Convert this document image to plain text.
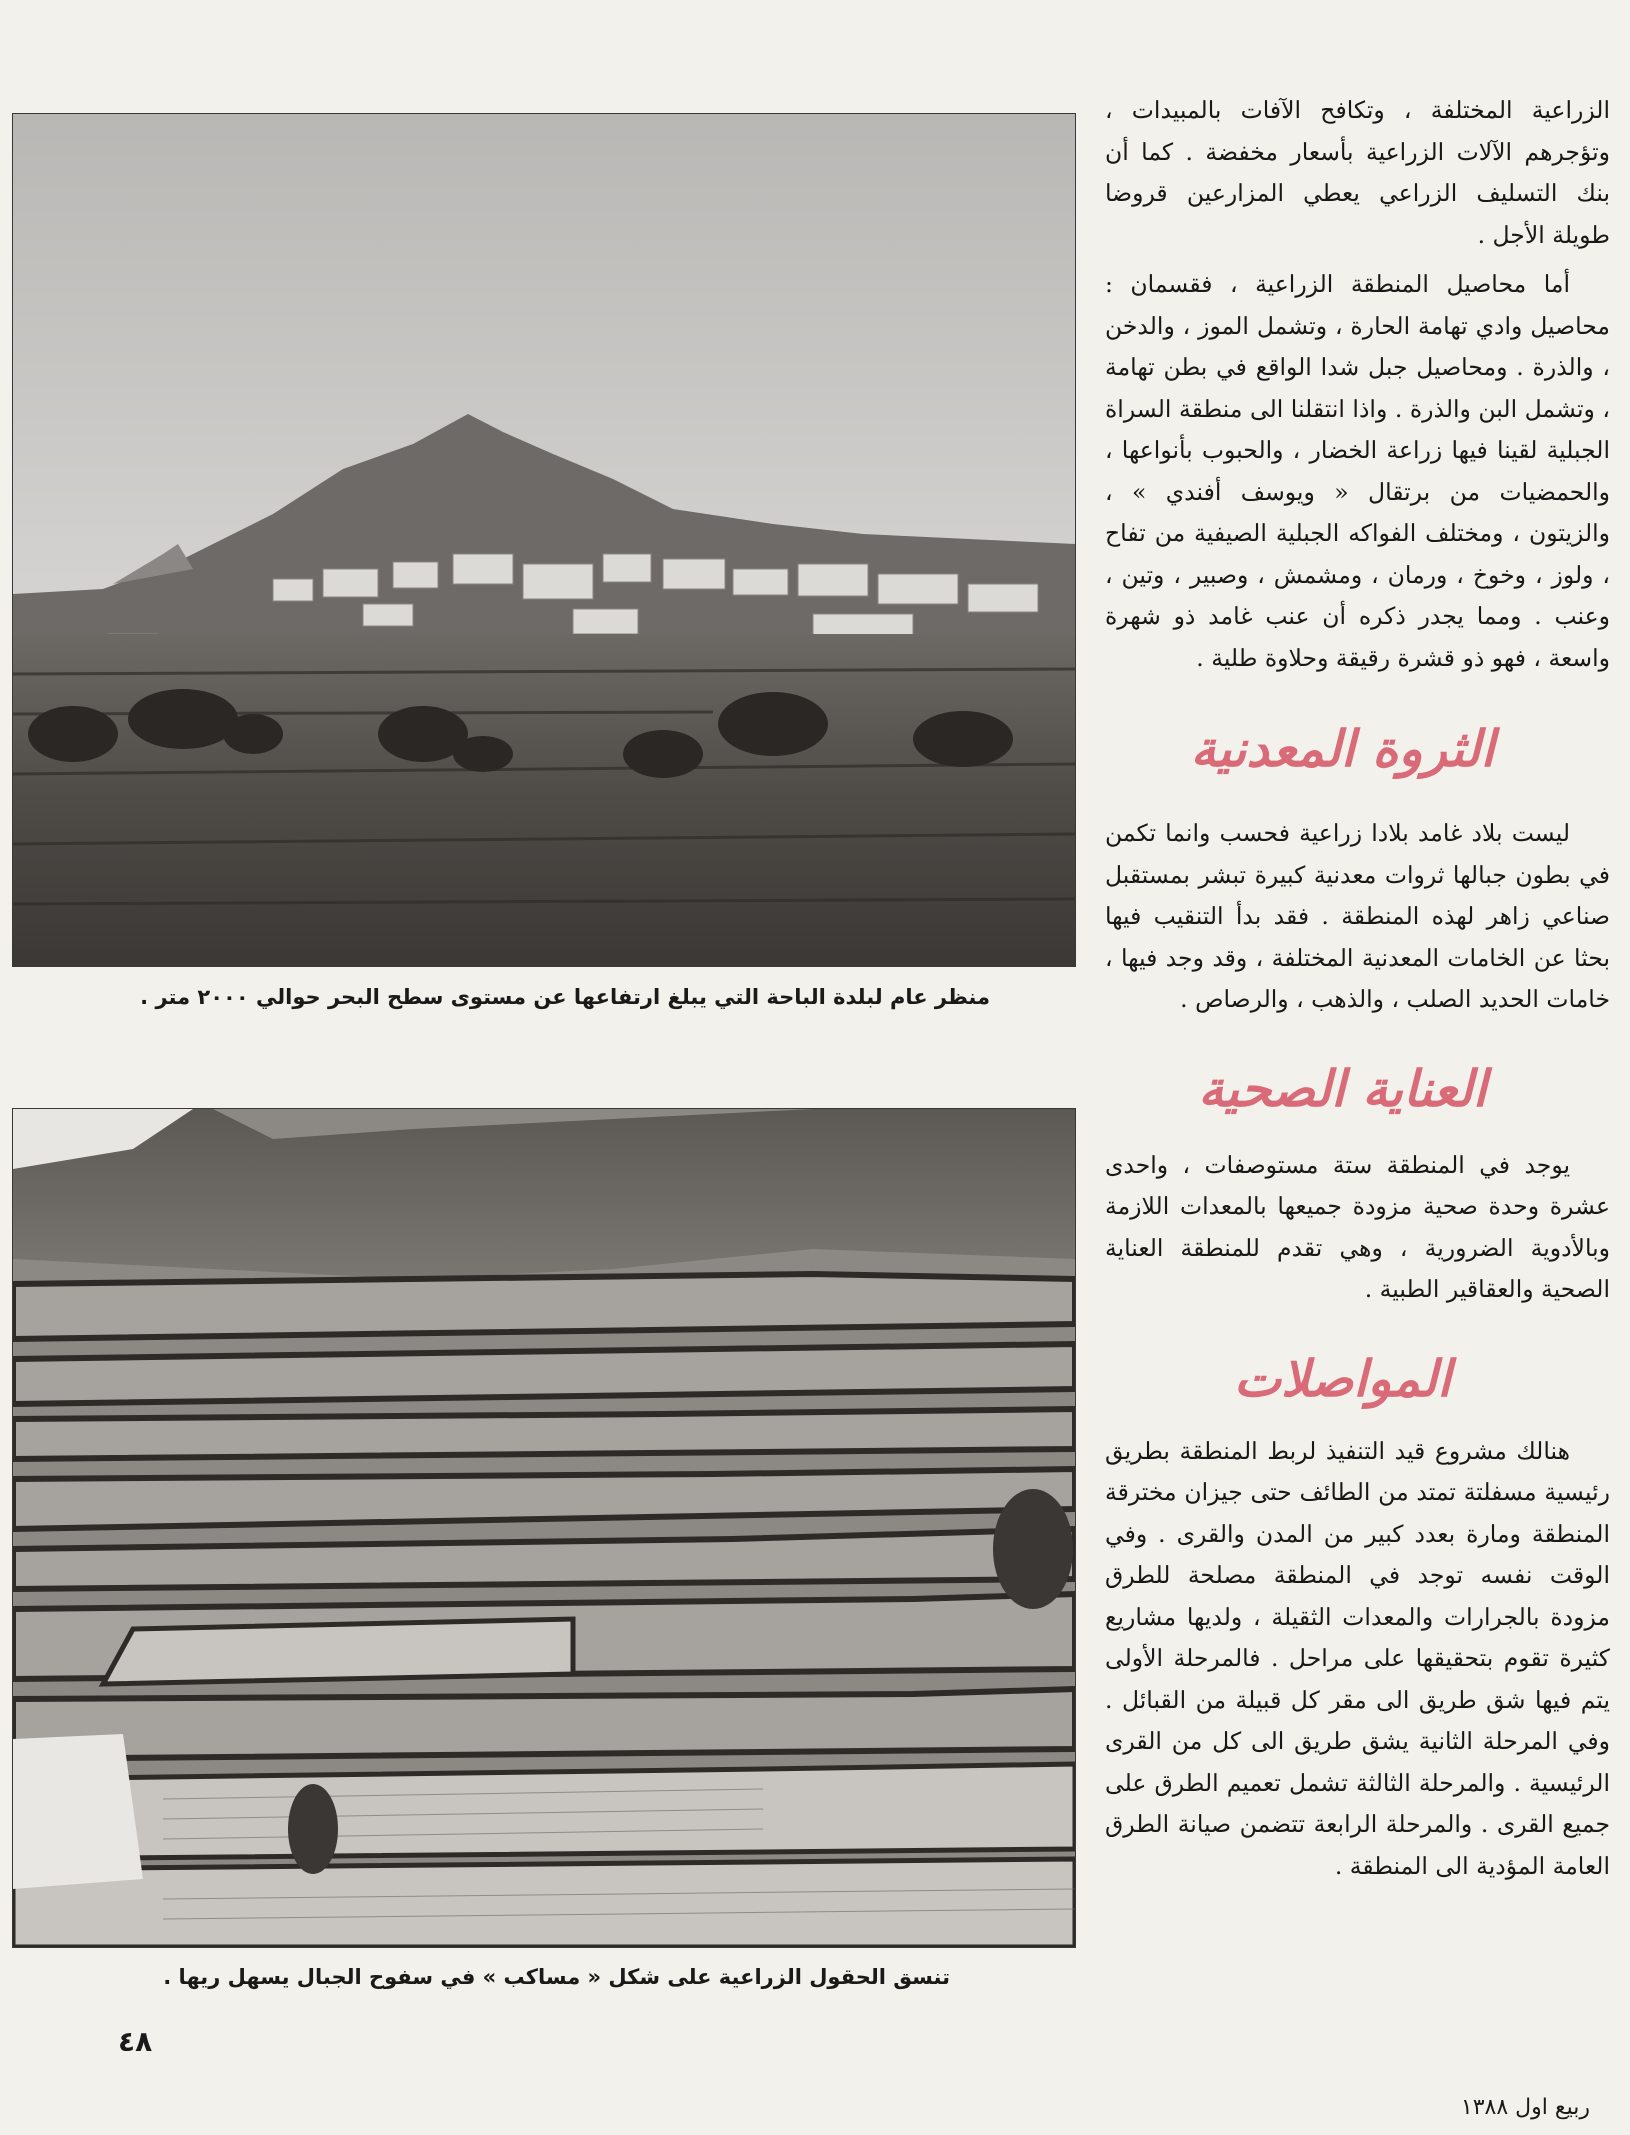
منظر عام لبلدة الباحة التي يبلغ ارتفاعها عن مستوى سطح البحر حوالي ٢٠٠٠ متر .
تنسق الحقول الزراعية على شكل « مساكب » في سفوح الجبال يسهل ريها .

الزراعية المختلفة ، وتكافح الآفات بالمبيدات ، وتؤجرهم الآلات الزراعية بأسعار مخفضة . كما أن بنك التسليف الزراعي يعطي المزارعين قروضا طويلة الأجل .

أما محاصيل المنطقة الزراعية ، فقسمان : محاصيل وادي تهامة الحارة ، وتشمل الموز ، والدخن ، والذرة . ومحاصيل جبل شدا الواقع في بطن تهامة ، وتشمل البن والذرة . واذا انتقلنا الى منطقة السراة الجبلية لقينا فيها زراعة الخضار ، والحبوب بأنواعها ، والحمضيات من برتقال « ويوسف أفندي » ، والزيتون ، ومختلف الفواكه الجبلية الصيفية من تفاح ، ولوز ، وخوخ ، ورمان ، ومشمش ، وصبير ، وتين ، وعنب . ومما يجدر ذكره أن عنب غامد ذو شهرة واسعة ، فهو ذو قشرة رقيقة وحلاوة طلية .

الثروة المعدنية

ليست بلاد غامد بلادا زراعية فحسب وانما تكمن في بطون جبالها ثروات معدنية كبيرة تبشر بمستقبل صناعي زاهر لهذه المنطقة . فقد بدأ التنقيب فيها بحثا عن الخامات المعدنية المختلفة ، وقد وجد فيها ، خامات الحديد الصلب ، والذهب ، والرصاص .

العناية الصحية

يوجد في المنطقة ستة مستوصفات ، واحدى عشرة وحدة صحية مزودة جميعها بالمعدات اللازمة وبالأدوية الضرورية ، وهي تقدم للمنطقة العناية الصحية والعقاقير الطبية .

المواصلات

هنالك مشروع قيد التنفيذ لربط المنطقة بطريق رئيسية مسفلتة تمتد من الطائف حتى جيزان مخترقة المنطقة ومارة بعدد كبير من المدن والقرى . وفي الوقت نفسه توجد في المنطقة مصلحة للطرق مزودة بالجرارات والمعدات الثقيلة ، ولديها مشاريع كثيرة تقوم بتحقيقها على مراحل . فالمرحلة الأولى يتم فيها شق طريق الى مقر كل قبيلة من القبائل . وفي المرحلة الثانية يشق طريق الى كل من القرى الرئيسية . والمرحلة الثالثة تشمل تعميم الطرق على جميع القرى . والمرحلة الرابعة تتضمن صيانة الطرق العامة المؤدية الى المنطقة .

٤٨
ربيع اول ١٣٨٨
